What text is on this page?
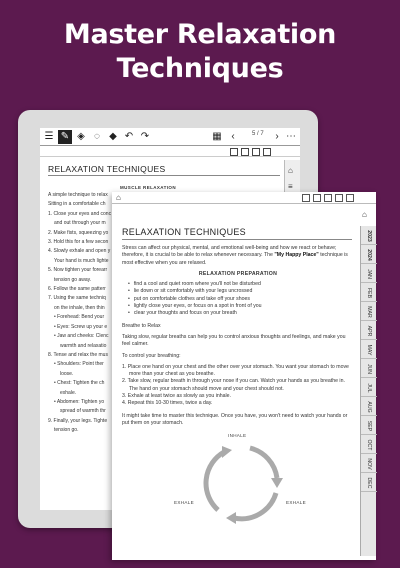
Master Relaxation
Techniques
☰ ✎ ◈ ◌ ◆ ↶ ↷	▦ ‹	5 / 7	› ⋯
RELAXATION TECHNIQUES
MUSCLE RELAXATION

A simple technique to relax

Sitting in a comfortable ch

1. Close your eyes and conc

and out through your m

2. Make fists, squeezing yo

3. Hold this for a few secon

4. Slowly exhale and open y

Your hand is much lighte

5. Now tighten your forearr

tension go away.

6. Follow the same patterr

7. Using the same techniq

on the inhale, then thin

• Forehead: Bend your

• Eyes: Screw up your e

• Jaw and cheeks: Clenc

warmth and relaxatio

8. Tense and relax the mus

• Shoulders: Point ther

loose.

• Chest: Tighten the ch

exhale.

• Abdomen: Tighten yo

spread of warmth thr

9. Finally, your legs. Tighte

tension go.

⌂
≡
⌂
⌂
RELAXATION TECHNIQUES

Stress can affect our physical, mental, and emotional well-being and how we react or behave; therefore, it is crucial to be able to relax whenever necessary. The "My Happy Place" technique is most effective when you are relaxed.

RELAXATION PREPARATION
• find a cool and quiet room where you'll not be disturbed
• lie down or sit comfortably with your legs uncrossed
• put on comfortable clothes and take off your shoes
• lightly close your eyes, or focus on a spot in front of you
• clear your thoughts and focus on your breath

Breathe to Relax

Taking slow, regular breaths can help you to control anxious thoughts and feelings, and make you feel calmer.

To control your breathing:

1. Place one hand on your chest and the other over your stomach. You want your stomach to move more than your chest as you breathe.
2. Take slow, regular breath in through your nose if you can. Watch your hands as you breathe in. The hand on your stomach should move and your chest should not.
3. Exhale at least twice as slowly as you inhale.
4. Repeat this 10-30 times, twice a day.

It might take time to master this technique. Once you have, you won't need to watch your hands or put them on your stomach.

INHALE
EXHALE	EXHALE
2023
2024
JAN
FEB
MAR
APR
MAY
JUN
JUL
AUG
SEP
OCT
NOV
DEC
